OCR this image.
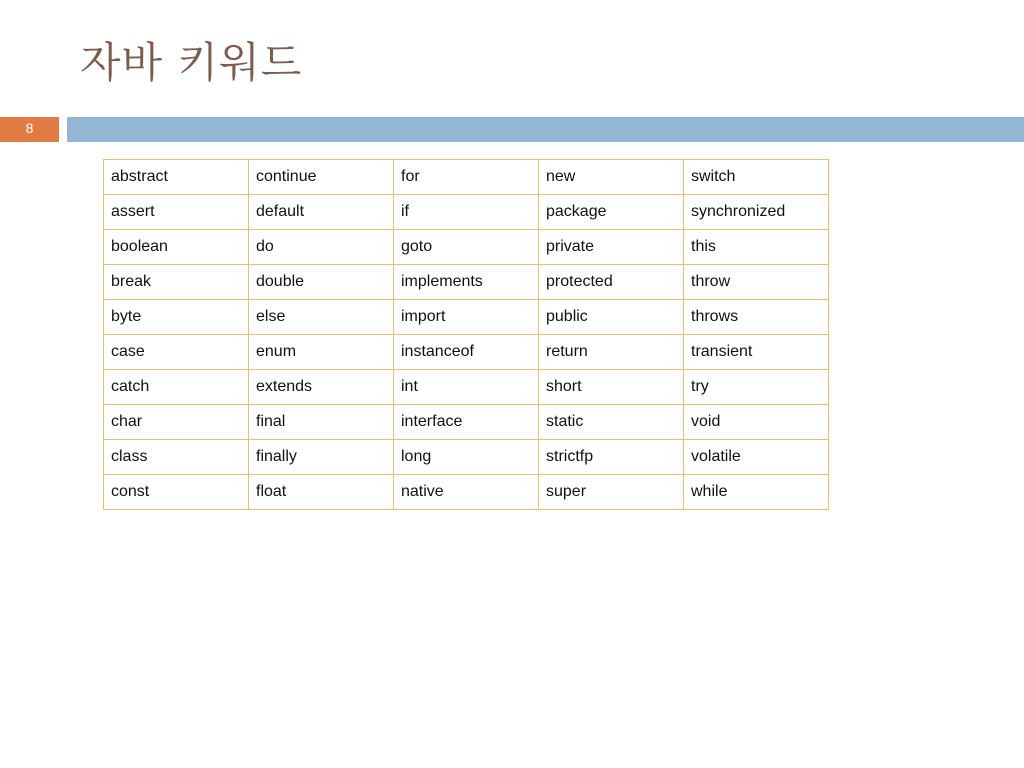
자바 키워드
8
abstract	continue	for	new	switch
assert	default	if	package	synchronized
boolean	do	goto	private	this
break	double	implements	protected	throw
byte	else	import	public	throws
case	enum	instanceof	return	transient
catch	extends	int	short	try
char	final	interface	static	void
class	finally	long	strictfp	volatile
const	float	native	super	while
